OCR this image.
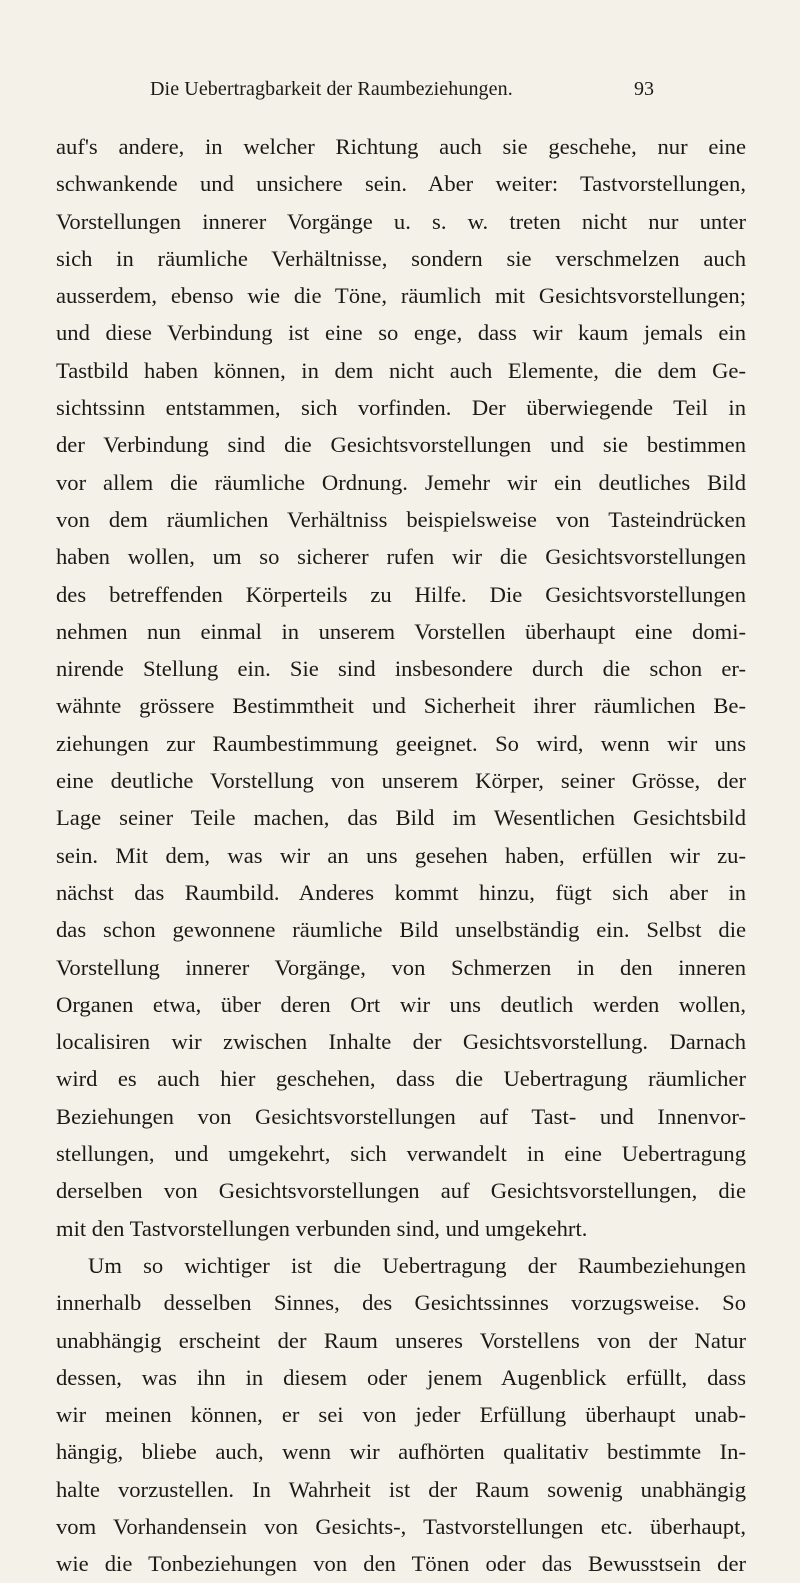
Die Uebertragbarkeit der Raumbeziehungen.	93
auf's andere, in welcher Richtung auch sie geschehe, nur eine
schwankende und unsichere sein. Aber weiter: Tastvorstellungen,
Vorstellungen innerer Vorgänge u. s. w. treten nicht nur unter
sich in räumliche Verhältnisse, sondern sie verschmelzen auch
ausserdem, ebenso wie die Töne, räumlich mit Gesichtsvorstellungen;
und diese Verbindung ist eine so enge, dass wir kaum jemals ein
Tastbild haben können, in dem nicht auch Elemente, die dem Ge-
sichtssinn entstammen, sich vorfinden. Der überwiegende Teil in
der Verbindung sind die Gesichtsvorstellungen und sie bestimmen
vor allem die räumliche Ordnung. Jemehr wir ein deutliches Bild
von dem räumlichen Verhältniss beispielsweise von Tasteindrücken
haben wollen, um so sicherer rufen wir die Gesichtsvorstellungen
des betreffenden Körperteils zu Hilfe. Die Gesichtsvorstellungen
nehmen nun einmal in unserem Vorstellen überhaupt eine domi-
nirende Stellung ein. Sie sind insbesondere durch die schon er-
wähnte grössere Bestimmtheit und Sicherheit ihrer räumlichen Be-
ziehungen zur Raumbestimmung geeignet. So wird, wenn wir uns
eine deutliche Vorstellung von unserem Körper, seiner Grösse, der
Lage seiner Teile machen, das Bild im Wesentlichen Gesichtsbild
sein. Mit dem, was wir an uns gesehen haben, erfüllen wir zu-
nächst das Raumbild. Anderes kommt hinzu, fügt sich aber in
das schon gewonnene räumliche Bild unselbständig ein. Selbst die
Vorstellung innerer Vorgänge, von Schmerzen in den inneren
Organen etwa, über deren Ort wir uns deutlich werden wollen,
localisiren wir zwischen Inhalte der Gesichtsvorstellung. Darnach
wird es auch hier geschehen, dass die Uebertragung räumlicher
Beziehungen von Gesichtsvorstellungen auf Tast- und Innenvor-
stellungen, und umgekehrt, sich verwandelt in eine Uebertragung
derselben von Gesichtsvorstellungen auf Gesichtsvorstellungen, die
mit den Tastvorstellungen verbunden sind, und umgekehrt.
Um so wichtiger ist die Uebertragung der Raumbeziehungen
innerhalb desselben Sinnes, des Gesichtssinnes vorzugsweise. So
unabhängig erscheint der Raum unseres Vorstellens von der Natur
dessen, was ihn in diesem oder jenem Augenblick erfüllt, dass
wir meinen können, er sei von jeder Erfüllung überhaupt unab-
hängig, bliebe auch, wenn wir aufhörten qualitativ bestimmte In-
halte vorzustellen. In Wahrheit ist der Raum sowenig unabhängig
vom Vorhandensein von Gesichts-, Tastvorstellungen etc. überhaupt,
wie die Tonbeziehungen von den Tönen oder das Bewusstsein der
